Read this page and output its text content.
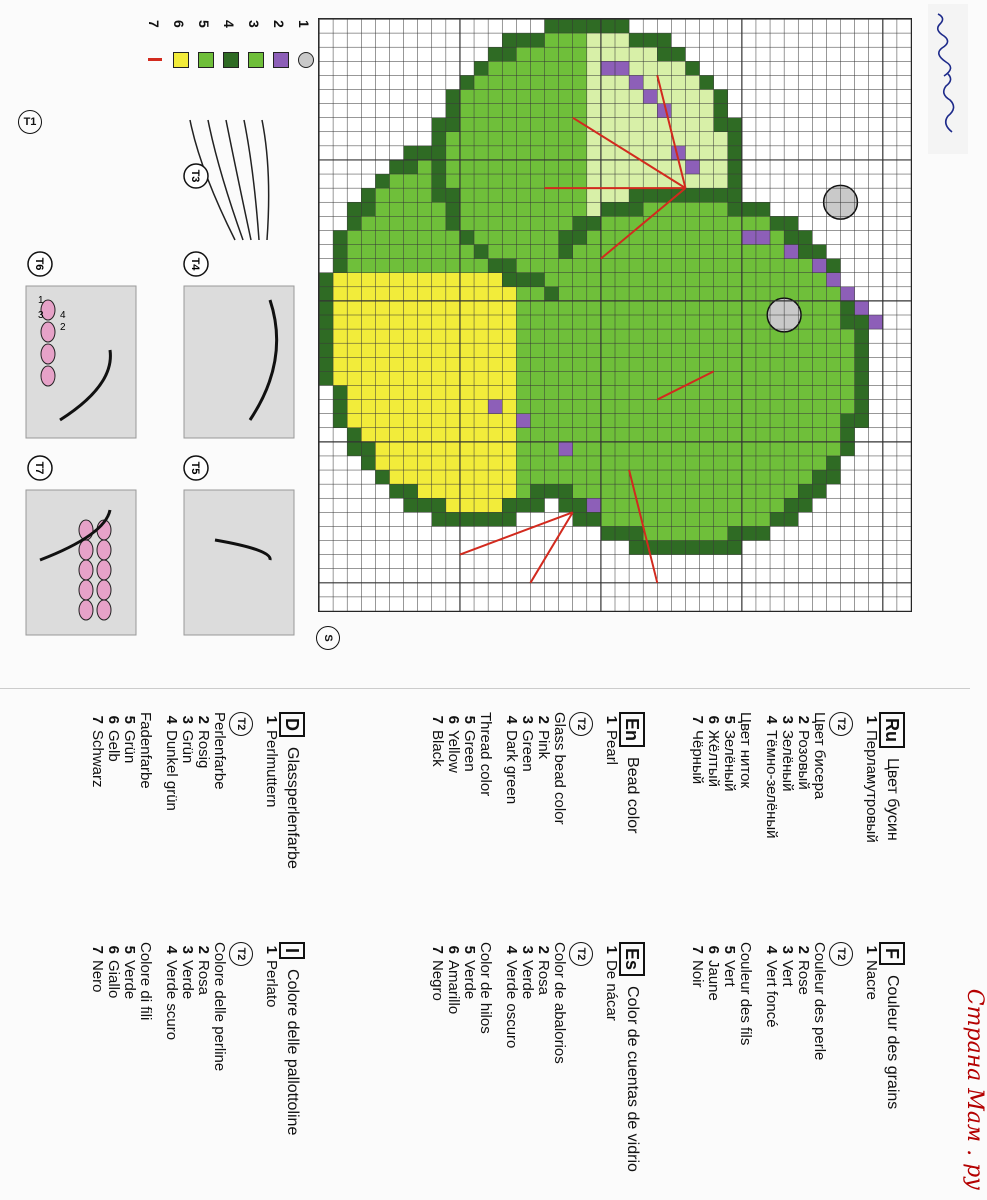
S
1
2
3
4
5
6
7
T1
T3
T4
T5
T6
T7
1
2
3 4
Ru
Цвет бусин
1
Перламутровый
T2
Цвет бисера
2
Розовый
3
Зелёный
4
Тёмно-зелёный
Цвет ниток
5
Зелёный
6
Жёлтый
7
Чёрный
En
Bead color
1
Pearl
T2
Glass bead color
2
Pink
3
Green
4
Dark green
Thread color
5
Green
6
Yellow
7
Black
D
Glassperlenfarbe
1
Perlmuttern
T2
Perlenfarbe
2
Rosig
3
Grün
4
Dunkel grün
Fadenfarbe
5
Grün
6
Gelb
7
Schwarz
F
Couleur des grains
1
Nacre
T2
Couleur des perle
2
Rose
3
Vert
4
Vert foncé
Couleur des fils
5
Vert
6
Jaune
7
Noir
Es
Color de cuentas de vidrio
1
De nácar
T2
Color de abalorios
2
Rosa
3
Verde
4
Verde oscuro
Color de hilos
5
Verde
6
Amarillo
7
Negro
I
Colore delle pallottoline
1
Perlato
T2
Colore delle perline
2
Rosa
3
Verde
4
Verde scuro
Colore di fili
5
Verde
6
Giallo
7
Nero
Страна Мам . ру
